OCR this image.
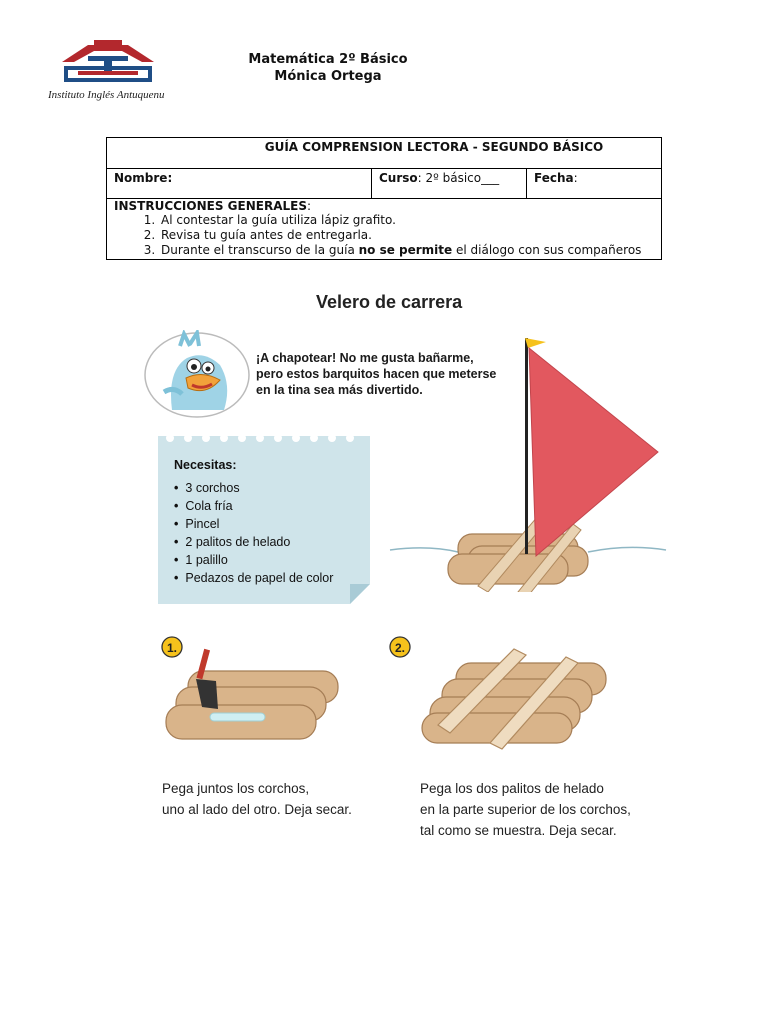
Instituto Inglés Antuquenu
Matemática 2º Básico
Mónica Ortega
GUÍA COMPRENSION LECTORA - SEGUNDO BÁSICO
Nombre:	Curso: 2º básico___	Fecha:

INSTRUCCIONES GENERALES:
1. Al contestar la guía utiliza lápiz grafito.
2. Revisa tu guía antes de entregarla.
3. Durante el transcurso de la guía no se permite el diálogo con sus compañeros
Velero de carrera
¡A chapotear! No me gusta bañarme,
pero estos barquitos hacen que meterse
en la tina sea más divertido.
Necesitas:
• 3 corchos
• Cola fría
• Pincel
• 2 palitos de helado
• 1 palillo
• Pedazos de papel de color
1.	2.
Pega juntos los corchos,
uno al lado del otro. Deja secar.
Pega los dos palitos de helado
en la parte superior de los corchos,
tal como se muestra. Deja secar.
